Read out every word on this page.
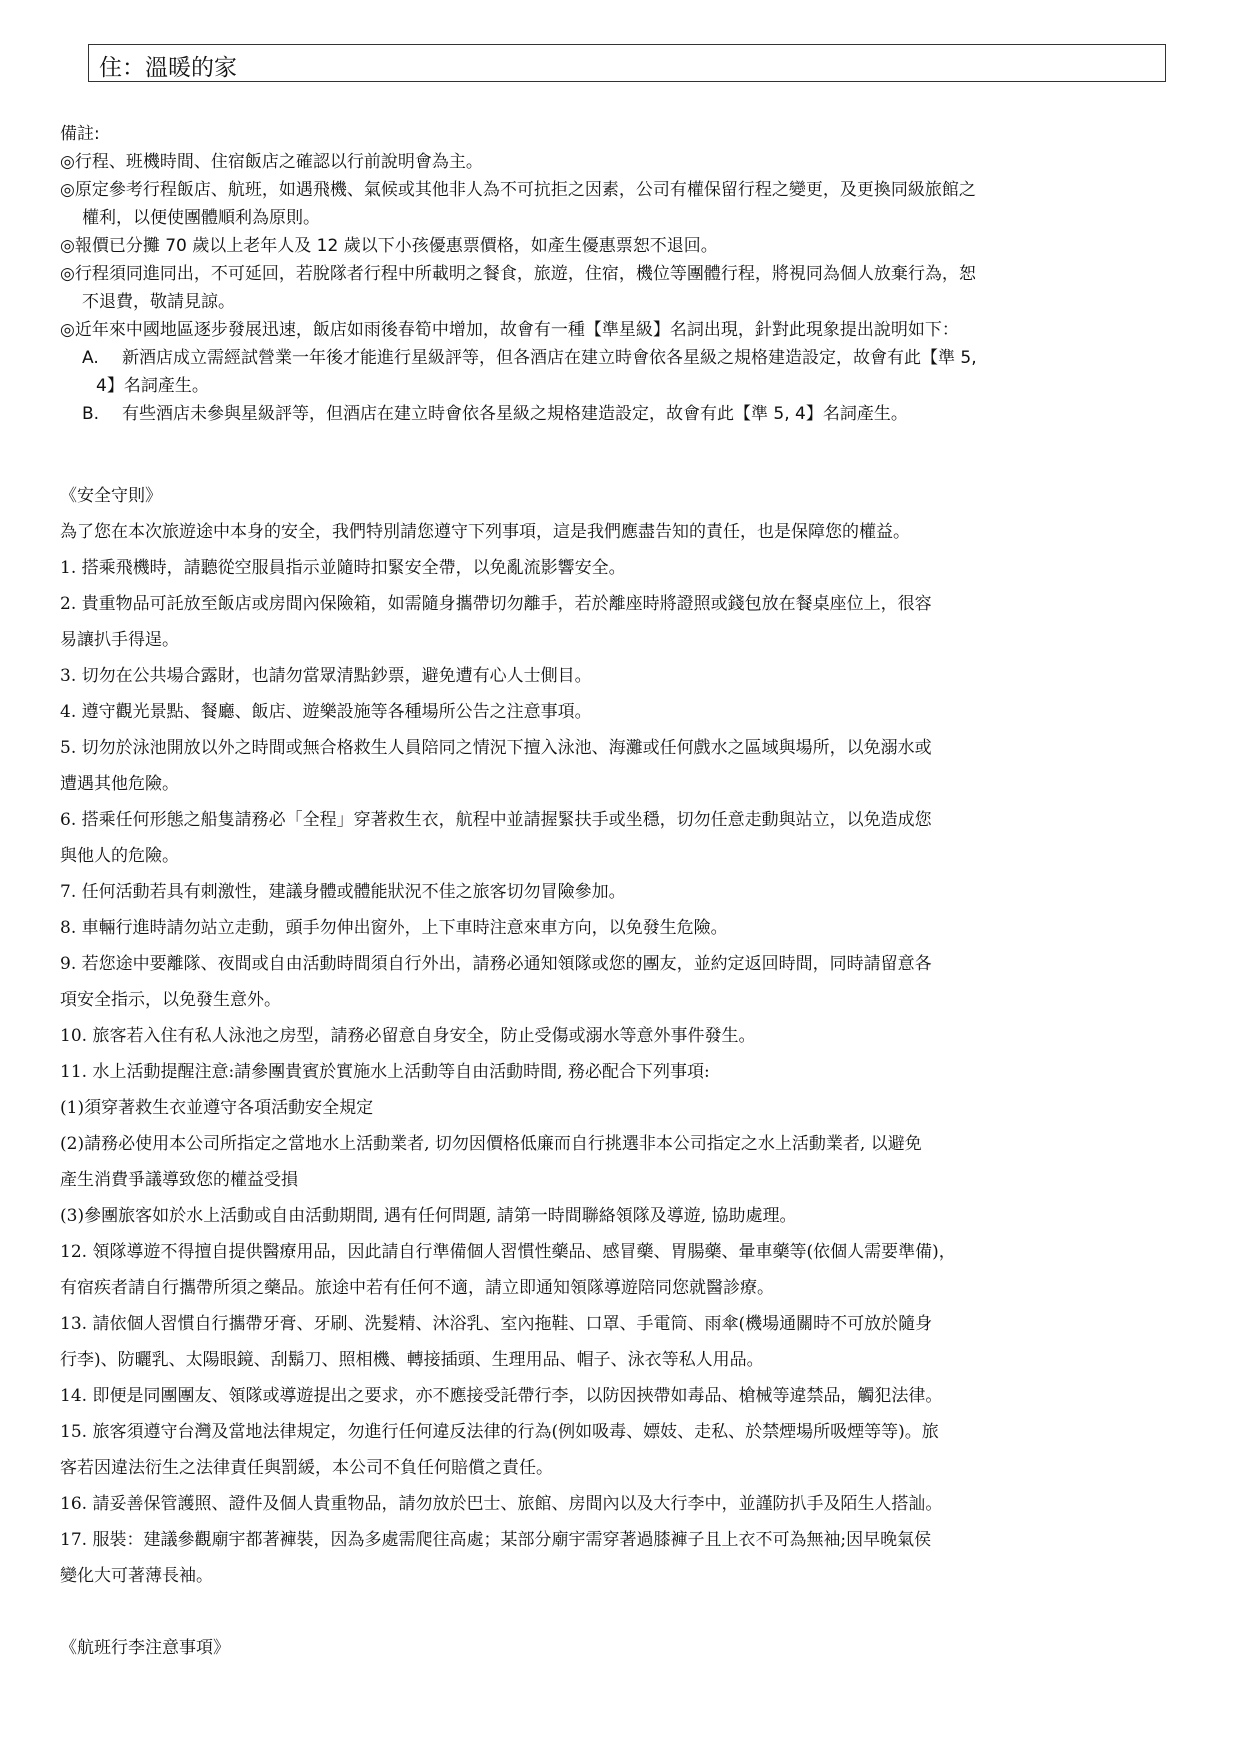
住：溫暖的家
備註:
◎行程、班機時間、住宿飯店之確認以行前說明會為主。
◎原定參考行程飯店、航班，如遇飛機、氣候或其他非人為不可抗拒之因素，公司有權保留行程之變更，及更換同級旅館之
權利，以便使團體順利為原則。
◎報價已分攤 70 歲以上老年人及 12 歲以下小孩優惠票價格，如產生優惠票恕不退回。
◎行程須同進同出，不可延回，若脫隊者行程中所載明之餐食，旅遊，住宿，機位等團體行程，將視同為個人放棄行為，恕
不退費，敬請見諒。
◎近年來中國地區逐步發展迅速，飯店如雨後春筍中增加，故會有一種【準星級】名詞出現，針對此現象提出說明如下：
A. 新酒店成立需經試營業一年後才能進行星級評等，但各酒店在建立時會依各星級之規格建造設定，故會有此【準 5,
4】名詞產生。
B. 有些酒店未參與星級評等，但酒店在建立時會依各星級之規格建造設定，故會有此【準 5, 4】名詞產生。
《安全守則》
為了您在本次旅遊途中本身的安全，我們特別請您遵守下列事項，這是我們應盡告知的責任，也是保障您的權益。
1. 搭乘飛機時，請聽從空服員指示並隨時扣緊安全帶，以免亂流影響安全。
2. 貴重物品可託放至飯店或房間內保險箱，如需隨身攜帶切勿離手，若於離座時將證照或錢包放在餐桌座位上，很容
易讓扒手得逞。
3. 切勿在公共場合露財，也請勿當眾清點鈔票，避免遭有心人士側目。
4. 遵守觀光景點、餐廳、飯店、遊樂設施等各種場所公告之注意事項。
5. 切勿於泳池開放以外之時間或無合格救生人員陪同之情況下擅入泳池、海灘或任何戲水之區域與場所，以免溺水或
遭遇其他危險。
6. 搭乘任何形態之船隻請務必「全程」穿著救生衣，航程中並請握緊扶手或坐穩，切勿任意走動與站立，以免造成您
與他人的危險。
7. 任何活動若具有刺激性，建議身體或體能狀況不佳之旅客切勿冒險參加。
8. 車輛行進時請勿站立走動，頭手勿伸出窗外，上下車時注意來車方向，以免發生危險。
9. 若您途中要離隊、夜間或自由活動時間須自行外出，請務必通知領隊或您的團友，並約定返回時間，同時請留意各
項安全指示，以免發生意外。
10. 旅客若入住有私人泳池之房型，請務必留意自身安全，防止受傷或溺水等意外事件發生。
11. 水上活動提醒注意:請參團貴賓於實施水上活動等自由活動時間, 務必配合下列事項:
(1)須穿著救生衣並遵守各項活動安全規定
(2)請務必使用本公司所指定之當地水上活動業者, 切勿因價格低廉而自行挑選非本公司指定之水上活動業者, 以避免
產生消費爭議導致您的權益受損
(3)參團旅客如於水上活動或自由活動期間, 遇有任何問題, 請第一時間聯絡領隊及導遊, 協助處理。
12. 領隊導遊不得擅自提供醫療用品，因此請自行準備個人習慣性藥品、感冒藥、胃腸藥、暈車藥等(依個人需要準備)，
有宿疾者請自行攜帶所須之藥品。旅途中若有任何不適，請立即通知領隊導遊陪同您就醫診療。
13. 請依個人習慣自行攜帶牙膏、牙刷、洗髮精、沐浴乳、室內拖鞋、口罩、手電筒、雨傘(機場通關時不可放於隨身
行李)、防曬乳、太陽眼鏡、刮鬍刀、照相機、轉接插頭、生理用品、帽子、泳衣等私人用品。
14. 即便是同團團友、領隊或導遊提出之要求，亦不應接受託帶行李，以防因挾帶如毒品、槍械等違禁品，觸犯法律。
15. 旅客須遵守台灣及當地法律規定，勿進行任何違反法律的行為(例如吸毒、嫖妓、走私、於禁煙場所吸煙等等)。旅
客若因違法衍生之法律責任與罰緩，本公司不負任何賠償之責任。
16. 請妥善保管護照、證件及個人貴重物品，請勿放於巴士、旅館、房間內以及大行李中，並謹防扒手及陌生人搭訕。
17. 服裝：建議參觀廟宇都著褲裝，因為多處需爬往高處；某部分廟宇需穿著過膝褲子且上衣不可為無袖;因早晚氣侯
變化大可著薄長袖。
《航班行李注意事項》
